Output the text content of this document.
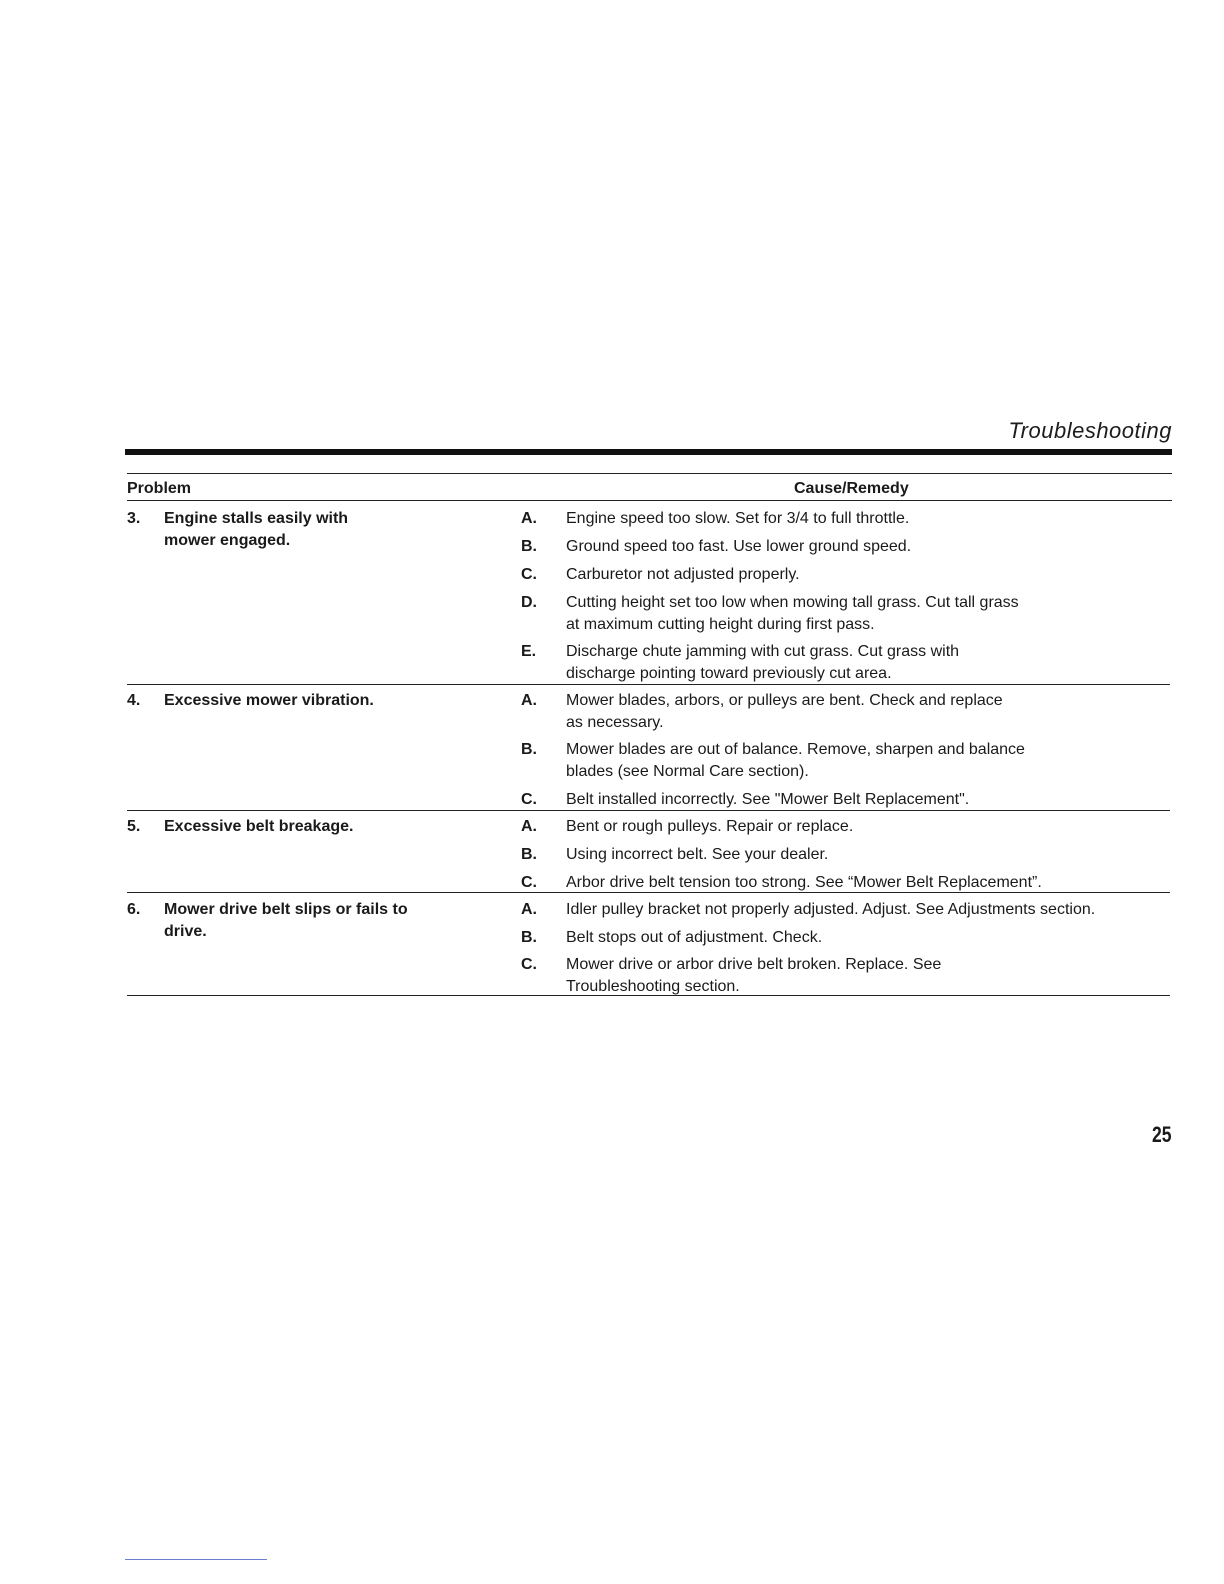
Troubleshooting
Problem	Cause/Remedy
3. Engine stalls easily with mower engaged.
A.	Engine speed too slow. Set for 3/4 to full throttle.
B.	Ground speed too fast. Use lower ground speed.
C.	Carburetor not adjusted properly.
D.	Cutting height set too low when mowing tall grass. Cut tall grass
at maximum cutting height during first pass.
E.	Discharge chute jamming with cut grass. Cut grass with
discharge pointing toward previously cut area.
4. Excessive mower vibration.	A.	Mower blades, arbors, or pulleys are bent. Check and replace
as necessary.
B.	Mower blades are out of balance. Remove, sharpen and balance
blades (see Normal Care section).
C.	Belt installed incorrectly. See "Mower Belt Replacement".
5. Excessive belt breakage.	A.	Bent or rough pulleys. Repair or replace.
B.	Using incorrect belt. See your dealer.
C.	Arbor drive belt tension too strong. See “Mower Belt Replacement”.
6. Mower drive belt slips or fails to drive.
A.	Idler pulley bracket not properly adjusted. Adjust. See Adjustments section.
B.	Belt stops out of adjustment. Check.
C.	Mower drive or arbor drive belt broken. Replace. See
Troubleshooting section.
25
